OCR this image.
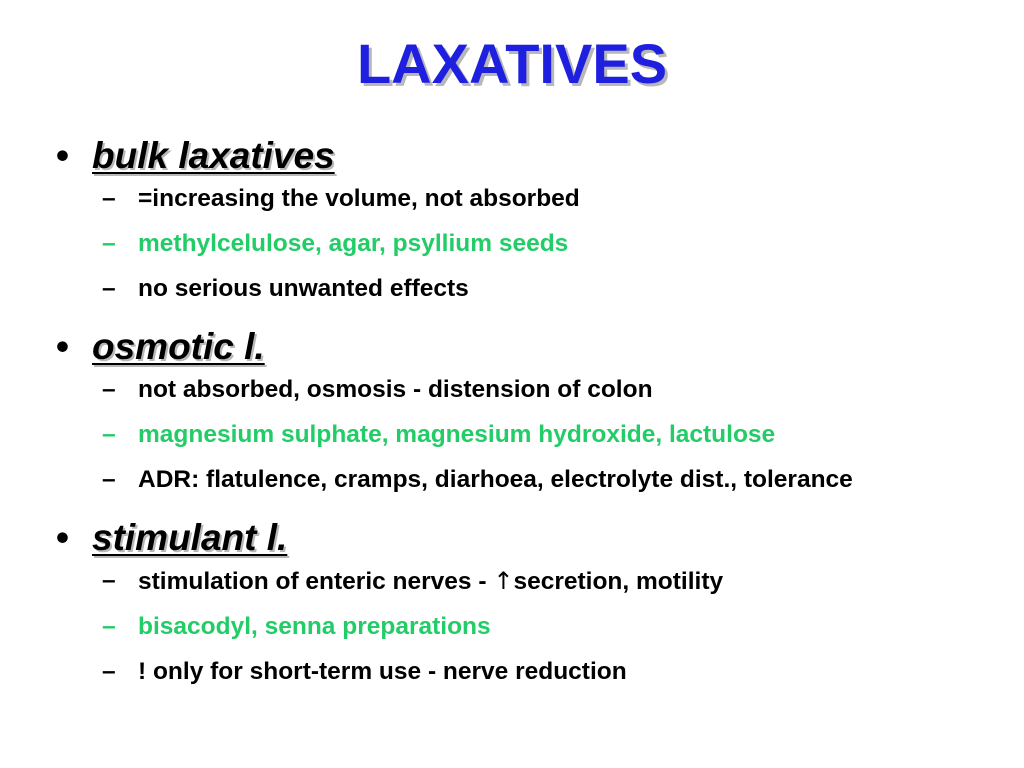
LAXATIVES
• bulk laxatives
– =increasing the volume, not absorbed
– methylcelulose, agar, psyllium seeds
– no serious unwanted effects
• osmotic l.
– not absorbed, osmosis - distension of colon
– magnesium sulphate, magnesium hydroxide, lactulose
– ADR: flatulence, cramps, diarhoea, electrolyte dist., tolerance
• stimulant l.
– stimulation of enteric nerves - ↑secretion, motility
– bisacodyl, senna preparations
– ! only for short-term use - nerve reduction
